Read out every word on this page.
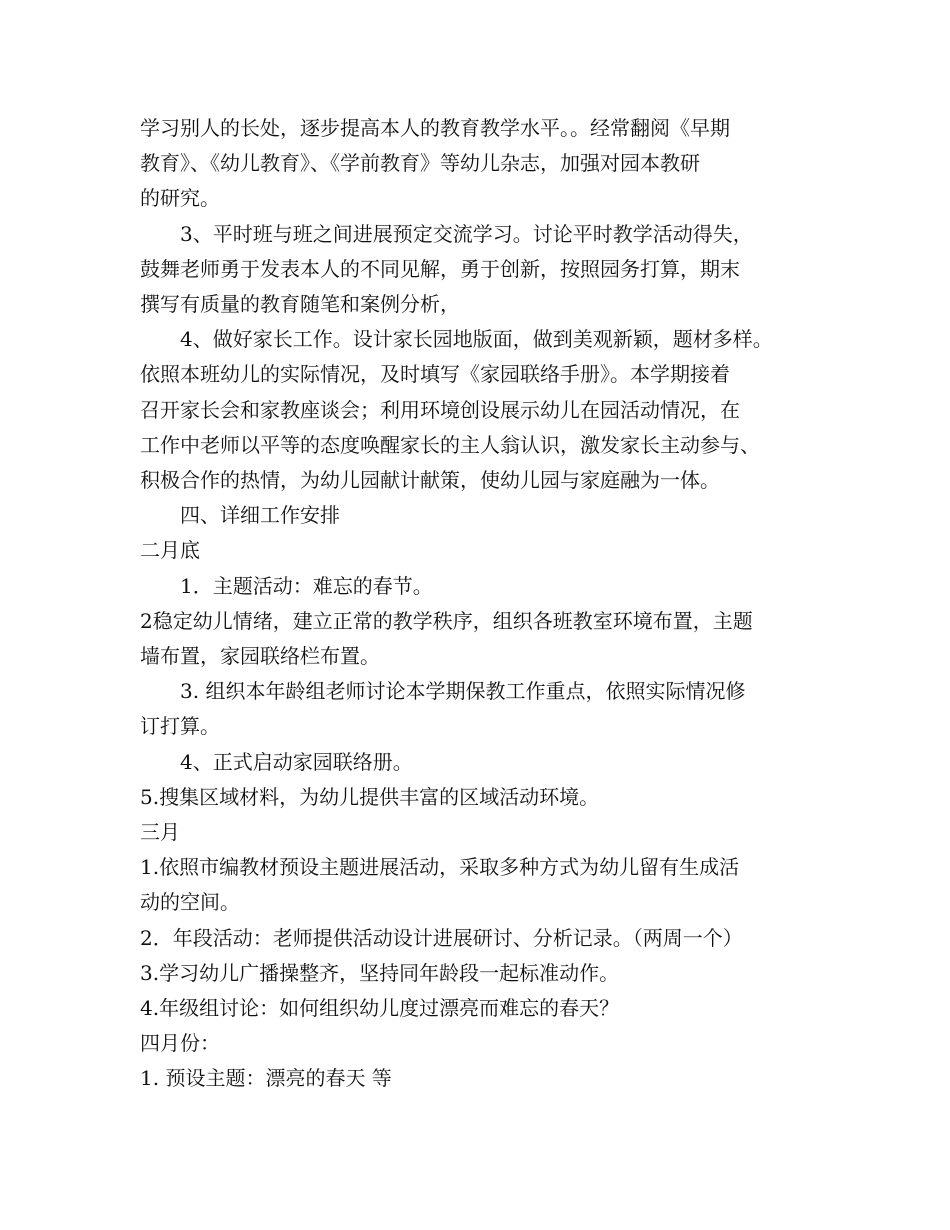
学习别人的长处，逐步提高本人的教育教学水平。。经常翻阅《早期

教育》、《幼儿教育》、《学前教育》等幼儿杂志，加强对园本教研

的研究。

3、平时班与班之间进展预定交流学习。讨论平时教学活动得失，

鼓舞老师勇于发表本人的不同见解，勇于创新，按照园务打算，期末

撰写有质量的教育随笔和案例分析，

4、做好家长工作。设计家长园地版面，做到美观新颖，题材多样。

依照本班幼儿的实际情况，及时填写《家园联络手册》。本学期接着

召开家长会和家教座谈会；利用环境创设展示幼儿在园活动情况，在

工作中老师以平等的态度唤醒家长的主人翁认识，激发家长主动参与、

积极合作的热情，为幼儿园献计献策，使幼儿园与家庭融为一体。

四、详细工作安排

二月底

1．主题活动：难忘的春节。

2稳定幼儿情绪，建立正常的教学秩序，组织各班教室环境布置，主题

墙布置，家园联络栏布置。

3. 组织本年龄组老师讨论本学期保教工作重点，依照实际情况修

订打算。

4、正式启动家园联络册。

5.搜集区域材料，为幼儿提供丰富的区域活动环境。

三月

1.依照市编教材预设主题进展活动，采取多种方式为幼儿留有生成活

动的空间。

2．年段活动：老师提供活动设计进展研讨、分析记录。（两周一个）

3.学习幼儿广播操整齐，坚持同年龄段一起标准动作。

4.年级组讨论：如何组织幼儿度过漂亮而难忘的春天？

四月份：

1. 预设主题：漂亮的春天 等
